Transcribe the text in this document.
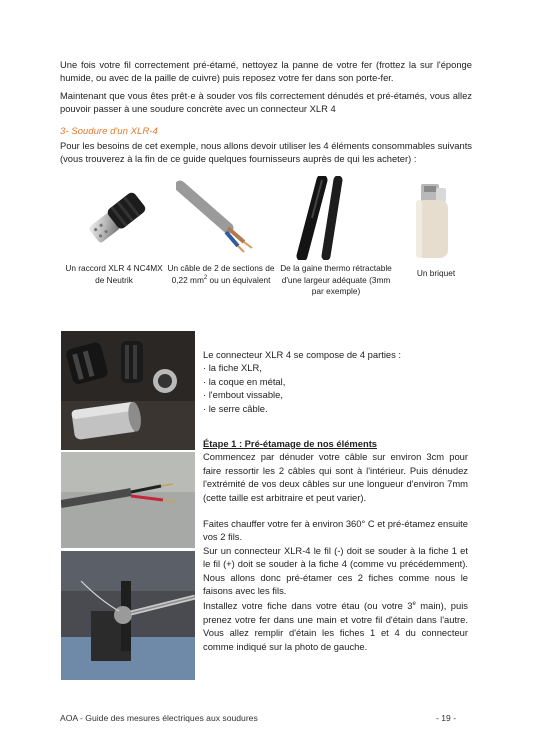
Une fois votre fil correctement pré-étamé, nettoyez la panne de votre fer (frottez la sur l'éponge humide, ou avec de la paille de cuivre) puis reposez votre fer dans son porte-fer.

Maintenant que vous êtes prêt·e à souder vos fils correctement dénudés et pré-étamés, vous allez pouvoir passer à une soudure concrète avec un connecteur XLR 4

3- Soudure d'un XLR-4
Pour les besoins de cet exemple, nous allons devoir utiliser les 4 éléments consommables suivants (vous trouverez à la fin de ce guide quelques fournisseurs auprès de qui les acheter) :
Un raccord XLR 4 NC4MX de Neutrik
Un câble de 2 de sections de 0,22 $mm^2$ ou un équivalent
De la gaine thermo rétractable d'une largeur adéquate (3mm par exemple)
Un briquet

Le connecteur XLR 4 se compose de 4 parties :

· la fiche XLR,

· la coque en métal,

· l'embout vissable,

· le serre câble.

Étape 1 : Pré-étamage de nos éléments

Commencez par dénuder votre câble sur environ 3cm pour faire ressortir les 2 câbles qui sont à l'intérieur. Puis dénudez l'extrémité de vos deux câbles sur une longueur d'environ 7mm (cette taille est arbitraire et peut varier).

Faites chauffer votre fer à environ 360° C et pré-étamez ensuite vos 2 fils.

Sur un connecteur XLR-4 le fil (-) doit se souder à la fiche 1 et le fil (+) doit se souder à la fiche 4 (comme vu précédemment). Nous allons donc pré-étamer ces 2 fiches comme nous le faisons avec les fils.

Installez votre fiche dans votre étau (ou votre 3e main), puis prenez votre fer dans une main et votre fil d'étain dans l'autre. Vous allez remplir d'étain les fiches 1 et 4 du connecteur comme indiqué sur la photo de gauche.

AOA - Guide des mesures électriques aux soudures	- 19 -
